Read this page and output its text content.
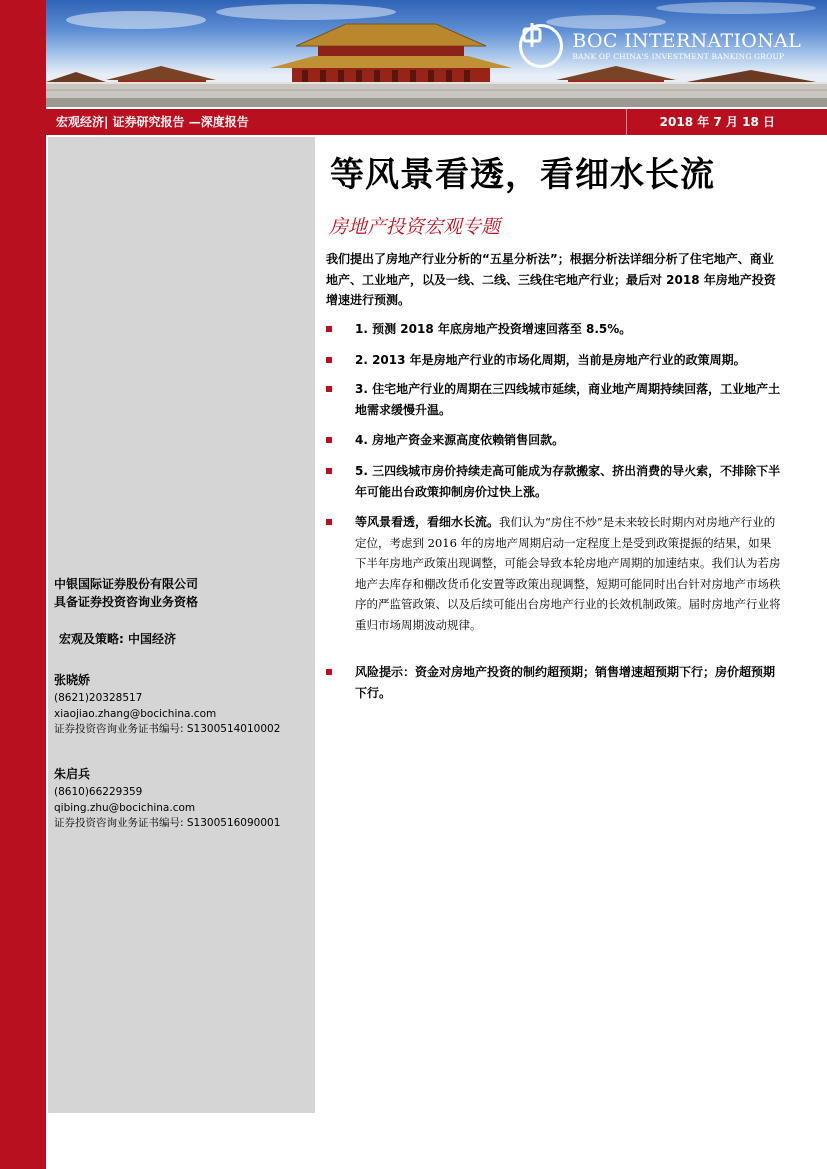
BOC INTERNATIONAL
BANK OF CHINA'S INVESTMENT BANKING GROUP
宏观经济| 证券研究报告 —深度报告	2018 年 7 月 18 日
中银国际证券股份有限公司
具备证券投资咨询业务资格
宏观及策略: 中国经济
张晓娇
(8621)20328517
xiaojiao.zhang@bocichina.com
证券投资咨询业务证书编号: S1300514010002
朱启兵
(8610)66229359
qibing.zhu@bocichina.com
证券投资咨询业务证书编号: S1300516090001
等风景看透，看细水长流
房地产投资宏观专题
我们提出了房地产行业分析的“五星分析法”；根据分析法详细分析了住宅地产、商业地产、工业地产，以及一线、二线、三线住宅地产行业；最后对 2018 年房地产投资增速进行预测。
1. 预测 2018 年底房地产投资增速回落至 8.5%。
2. 2013 年是房地产行业的市场化周期，当前是房地产行业的政策周期。
3. 住宅地产行业的周期在三四线城市延续，商业地产周期持续回落，工业地产土地需求缓慢升温。
4. 房地产资金来源高度依赖销售回款。
5. 三四线城市房价持续走高可能成为存款搬家、挤出消费的导火索，不排除下半年可能出台政策抑制房价过快上涨。
等风景看透，看细水长流。我们认为“房住不炒”是未来较长时期内对房地产行业的定位，考虑到 2016 年的房地产周期启动一定程度上是受到政策提振的结果，如果下半年房地产政策出现调整，可能会导致本轮房地产周期的加速结束。我们认为若房地产去库存和棚改货币化安置等政策出现调整，短期可能同时出台针对房地产市场秩序的严监管政策、以及后续可能出台房地产行业的长效机制政策。届时房地产行业将重归市场周期波动规律。
风险提示：资金对房地产投资的制约超预期；销售增速超预期下行；房价超预期下行。
